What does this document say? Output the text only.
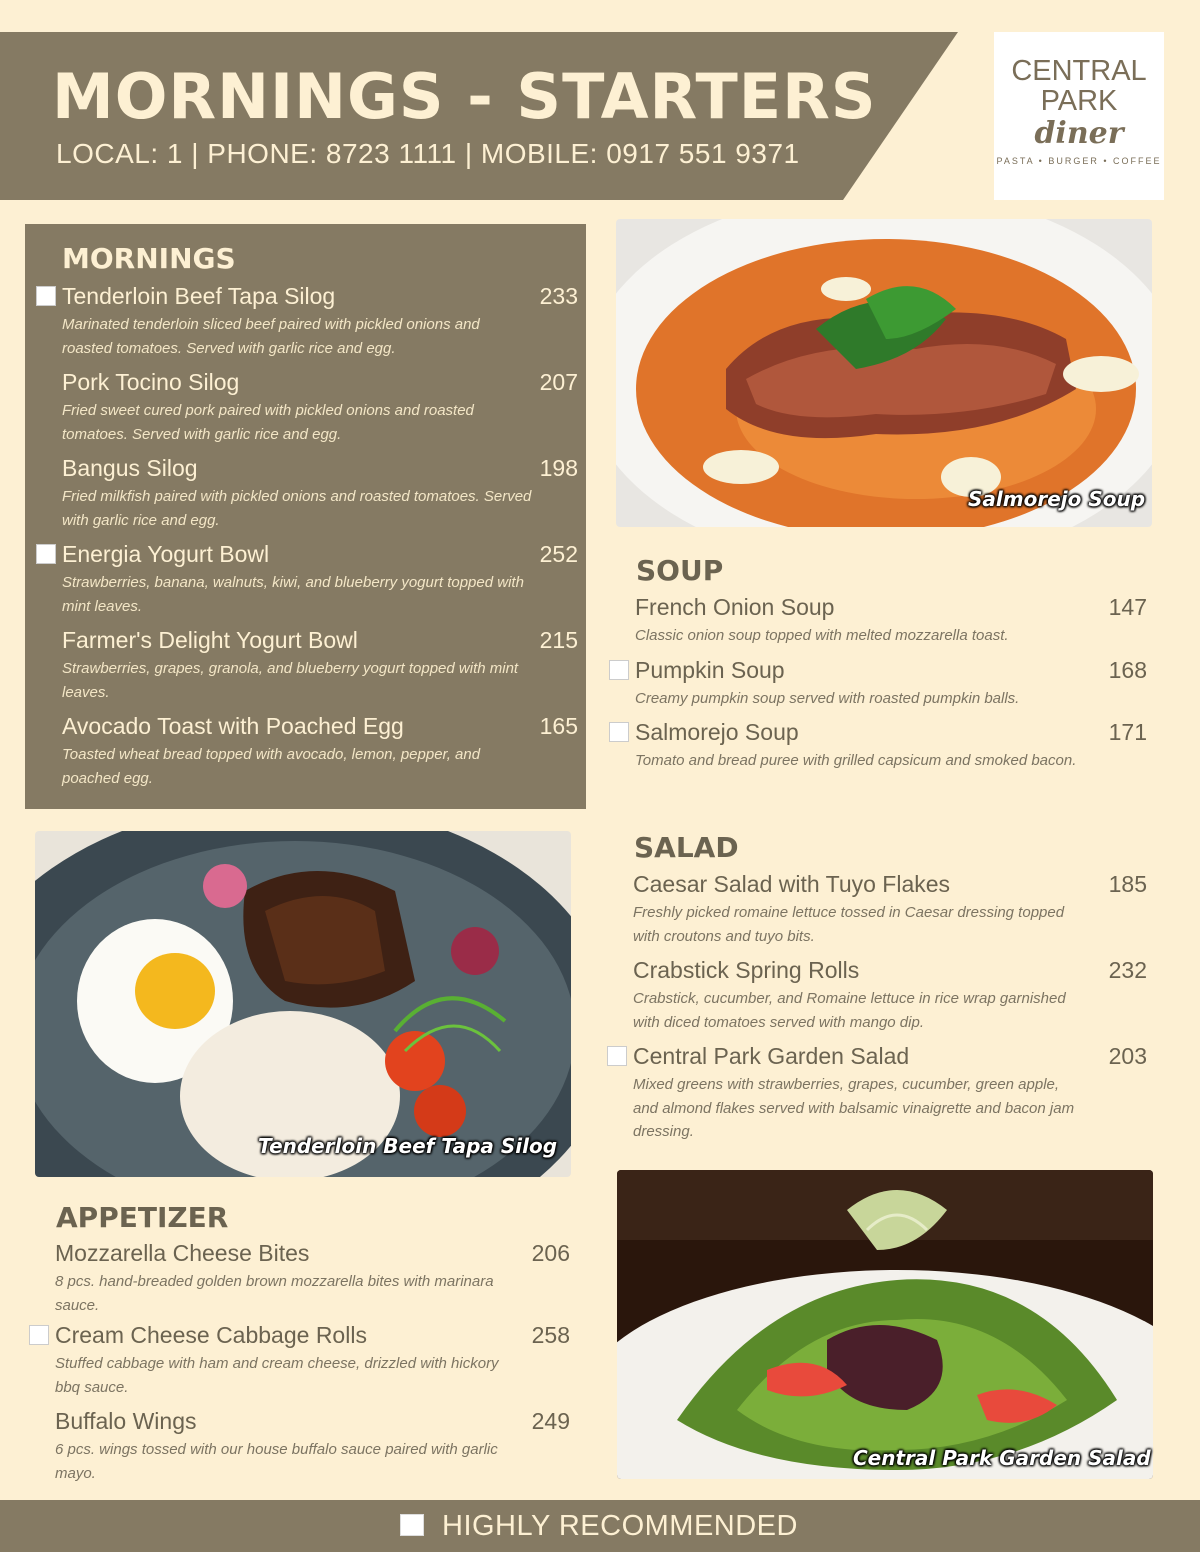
MORNINGS - STARTERS
LOCAL: 1 | PHONE: 8723 1111 | MOBILE: 0917 551 9371
CENTRAL
PARK
diner
PASTA • BURGER • COFFEE
MORNINGS
Tenderloin Beef Tapa Silog	233
Marinated tenderloin sliced beef paired with pickled onions and roasted tomatoes. Served with garlic rice and egg.
Pork Tocino Silog	207
Fried sweet cured pork paired with pickled onions and roasted tomatoes. Served with garlic rice and egg.
Bangus Silog	198
Fried milkfish paired with pickled onions and roasted tomatoes. Served with garlic rice and egg.
Energia Yogurt Bowl	252
Strawberries, banana, walnuts, kiwi, and blueberry yogurt topped with mint leaves.
Farmer's Delight Yogurt Bowl	215
Strawberries, grapes, granola, and blueberry yogurt topped with mint leaves.
Avocado Toast with Poached Egg	165
Toasted wheat bread topped with avocado, lemon, pepper, and poached egg.
Salmorejo Soup
SOUP
French Onion Soup	147
Classic onion soup topped with melted mozzarella toast.
Pumpkin Soup	168
Creamy pumpkin soup served with roasted pumpkin balls.
Salmorejo Soup	171
Tomato and bread puree with grilled capsicum and smoked bacon.
SALAD
Caesar Salad with Tuyo Flakes	185
Freshly picked romaine lettuce tossed in Caesar dressing topped with croutons and tuyo bits.
Crabstick Spring Rolls	232
Crabstick, cucumber, and Romaine lettuce in rice wrap garnished with diced tomatoes served with mango dip.
Central Park Garden Salad	203
Mixed greens with strawberries, grapes, cucumber, green apple, and almond flakes served with balsamic vinaigrette and bacon jam dressing.
Tenderloin Beef Tapa Silog
APPETIZER
Mozzarella Cheese Bites	206
8 pcs. hand-breaded golden brown mozzarella bites with marinara sauce.
Cream Cheese Cabbage Rolls	258
Stuffed cabbage with ham and cream cheese, drizzled with hickory bbq sauce.
Buffalo Wings	249
6 pcs. wings tossed with our house buffalo sauce paired with garlic mayo.
Central Park Garden Salad
HIGHLY RECOMMENDED
